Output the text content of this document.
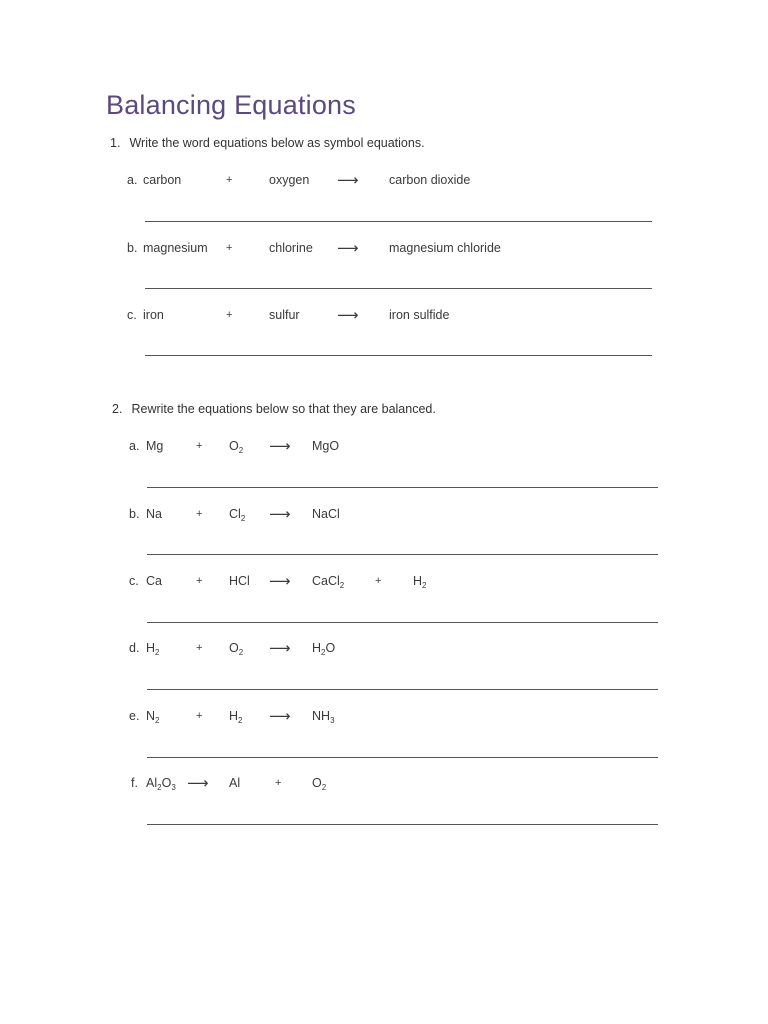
Balancing Equations
1. Write the word equations below as symbol equations.
a. carbon	+	oxygen ⟶ carbon dioxide
b. magnesium +	chlorine ⟶ magnesium chloride
c. iron	+	sulfur ⟶ iron sulfide
2. Rewrite the equations below so that they are balanced.
a. Mg	+ $O_2$ ⟶ MgO
b. Na	+ $Cl_2$ ⟶ NaCl
c. Ca	+ HCl ⟶ CaCl$_2$	+	$H_2$
d. $H_2$	+ $O_2$ ⟶ $H_2O$
e. $N_2$	+ $H_2$ ⟶ $NH_3$
f. $Al_2O_3$ ⟶ Al	+ $O_2$
